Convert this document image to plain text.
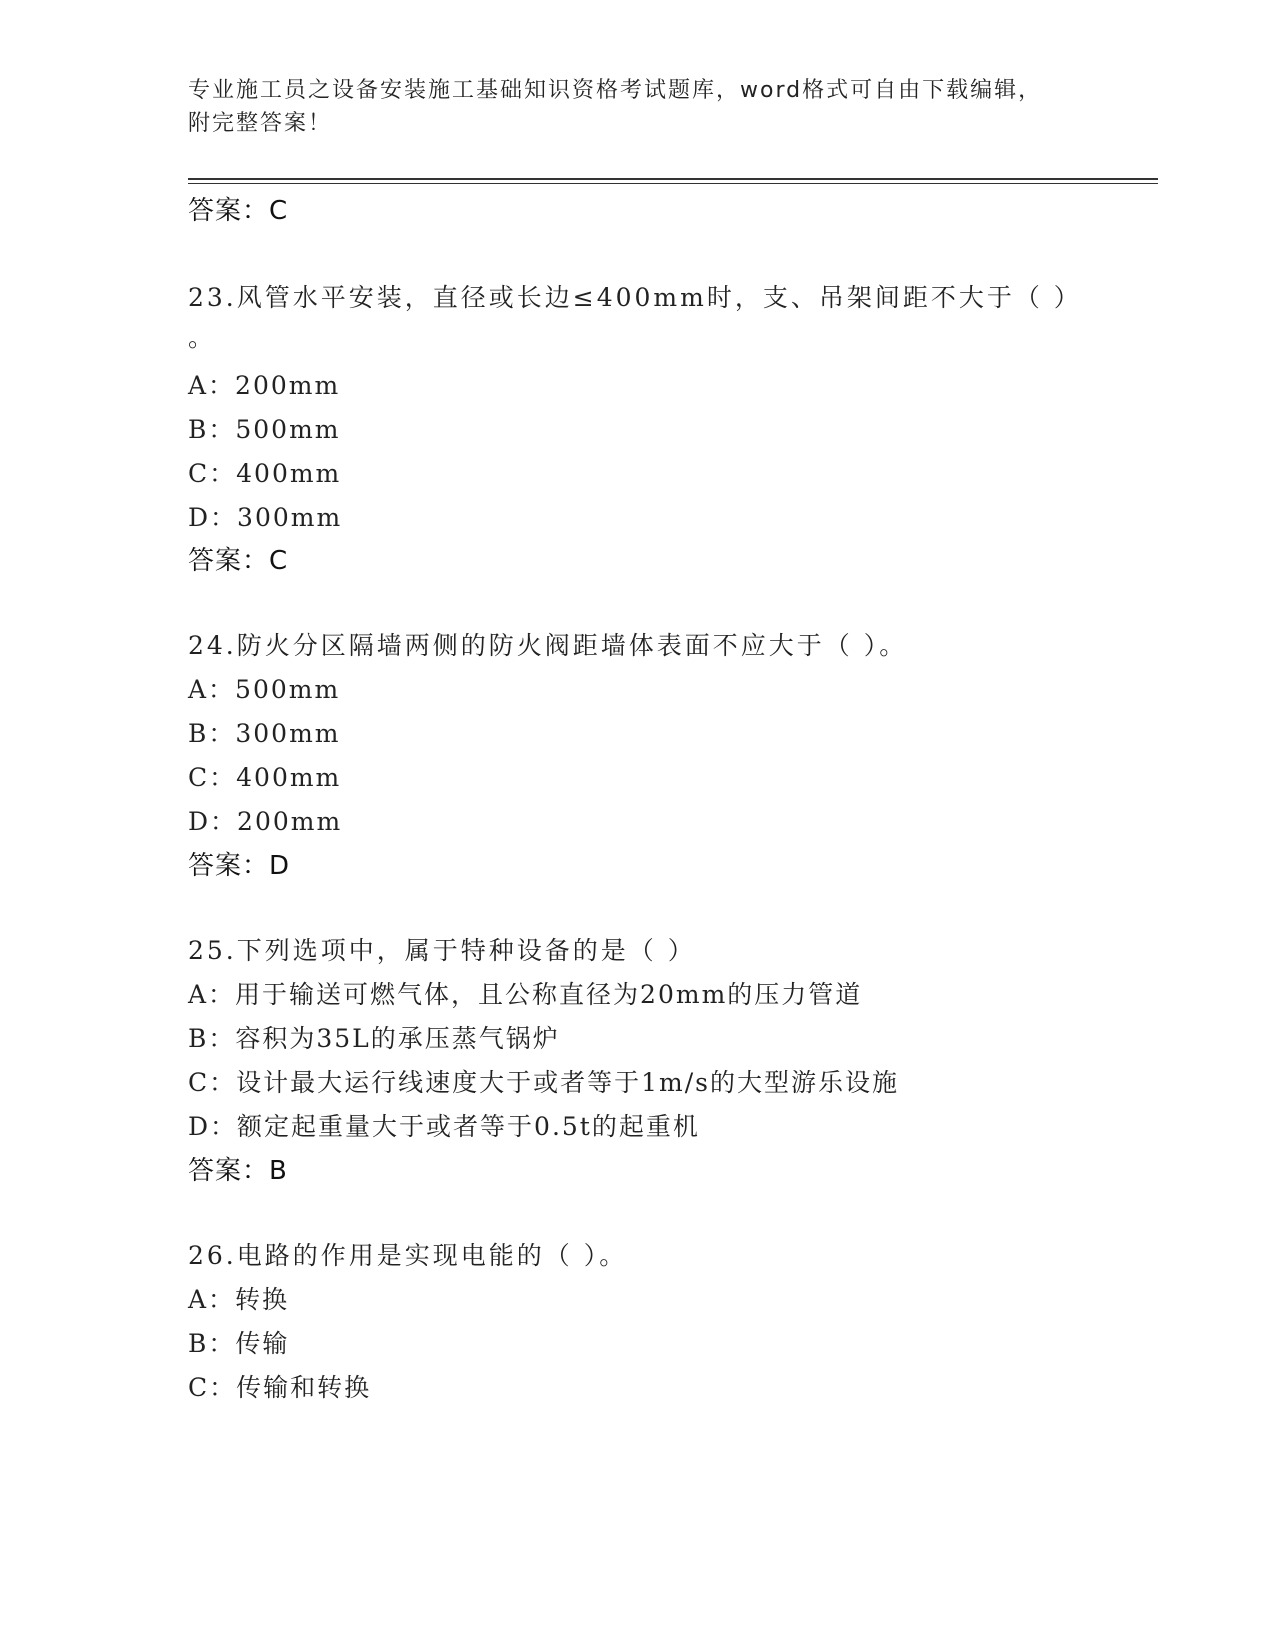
专业施工员之设备安装施工基础知识资格考试题库，word格式可自由下载编辑，
附完整答案！
答案：C
23.风管水平安装，直径或长边≤400mm时，支、吊架间距不大于（ ）
。
A：200mm
B：500mm
C：400mm
D：300mm
答案：C
24.防火分区隔墙两侧的防火阀距墙体表面不应大于（ ）。
A：500mm
B：300mm
C：400mm
D：200mm
答案：D
25.下列选项中，属于特种设备的是（ ）
A：用于输送可燃气体，且公称直径为20mm的压力管道
B：容积为35L的承压蒸气锅炉
C：设计最大运行线速度大于或者等于1m/s的大型游乐设施
D：额定起重量大于或者等于0.5t的起重机
答案：B
26.电路的作用是实现电能的（ ）。
A：转换
B：传输
C：传输和转换
